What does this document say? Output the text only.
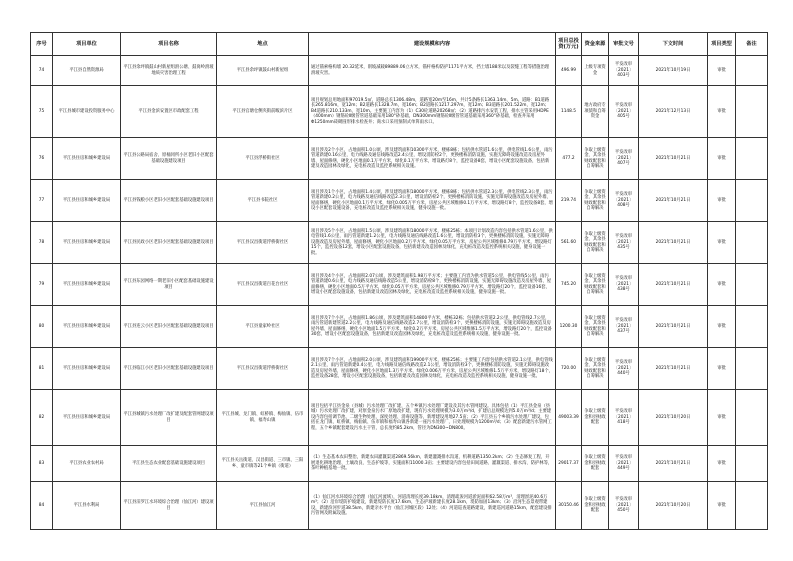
序号	项目单位	项目名称	地点	建设规模和内容	项目总投资(万元)	资金来源	审批文号	下文时间	项目类型	备注
74	平江县自然资源局	平江县余坪镇鼓山村新屋组滑公塘、鼓岗岭滑坡地质灾害治理工程	平江县余坪镇鼓山村新屋组	通过锚索格构墙 20.32延米，削坡减载89889.06立方米，锚杆格构防护1171平方米，挡土墙188米以及裂缝工程等措施治理滑坡灾害。	496.99	上级专项资金	平发改审〔2021〕403号	2021年10月19日	审批	
75	平江县城市建设投资服务中心	平江县金滨安置区市政配套工程	平江县官塘仓侧夹街前畈滨片区	项目规划总用地面积97019.5㎡，道路总长1306.48m，道路宽20m至16m，共计5条路长1363.14m、5m。道路：B1道路长265.816m，宽12m；B2道路长1328.7m，宽16m；B2道路长1217.297m，宽12m；B3道路长201.522m，宽12m；B4道路长210.133m，宽10m。主要施工内容为（1）C30砼道路20268㎡；（2）道路排污水安装工程，排水主管采用HDPE（400mm）钢筋砼Ⅱ级管管道基础采用180°砂基础，DN300mm钢筋砼Ⅱ级管管道基础采用360°砂基础，检查井采用Φ1250mm砖砌圆形排水检查井；商水口采用预制式单箅雨水口。	1148.5	地方政府专项债和自筹资金	平发改审〔2021〕405号	2021年12月13日	审批	
76	平江县住房和城乡建设局	平江县公路局宿舍、原桶冈所小区老旧小区配套基础设施建设项目	平江县浮桥街社区	项目涉及2个小区，占地面积1.0公顷，涉及建筑面积10300平方米，楼栋8栋；包括供水管道1.6公里，供电管线1.6公里，雨污管道新建0.16公里，电力线路及通信线路改造2.4公里，增设消防栓2个，更换楼栋消防设施，实施无障碍设施改造及房屋外墙、屋面修缮，硬化小区地面0.1万平方米，绿化0.1万平方米，增设路灯8个，监控设备8套，增设小区配套设施设备，包括新建及改造园林及绿化，充电桩改造及监控系统相关设施。	477.2	争取上级资金、其余县财政配套和自筹解决	平发改审〔2021〕407号	2021年10月21日	审批	
77	平江县住房和城乡建设局	平江县钱粮小区老旧小区配套基础设施建设项目	平江县书院社区	项目涉及1个小区，占地面积1.4公顷，涉及建筑面积18000平方米，楼栋8栋；包括供水管道2.3公里，供电管线2.3公里，雨污管道新建0.2公里，电力线路及通信线路改造2.3公里，增设消防栓2个，更换楼栋消防设施，实施无障碍设施改造及房屋外墙、屋面修缮，硬化小区地面0.1万平方米，绿化0.005万平方米，房屋公共区域维修0.1万平方米，增设路灯8个，监控设备8套，增设小区配套设施设备，充电桩改造及监控系统相关设施，健身设施一批。	219.74	争取上级资金、其余县财政配套和自筹解决	平发改审〔2021〕408号	2021年10月21日	审批	
78	平江县住房和城乡建设局	平江县民政小区老旧小区配套基础设施建设项目	平江县汉昌街道浮桥街社区	项目涉及5个小区，占地面积1.5公顷，涉及建筑面积18000平方米，楼栋25栋；本项目计划改造内容包括供水管道1.6公里，供电管线1.6公里，雨污管道新建1.2公里，电力线路及通信线路改造1.6公里，增设消防栓3个，更换楼栋消防设施，实施无障碍设施改造及房屋外墙、屋面修缮，硬化小区地面0.2万平方米，绿化0.05万平方米，房屋公共区域维修0.79万平方米，增设路灯15个，监控设备12套，增设小区配套设施设备，包括新建及改造园林及绿化，充电桩改造及监控系统相关设施，健身设施一批。	561.60	争取上级资金、其余县财政配套和自筹解决	平发改审〔2021〕435号	2021年10月21日	审批	
79	平江县住房和城乡建设局	平江县东园网络一期老旧小区配套基础设施建设项目	平江县汉昌街道百花台社区	项目涉及4个小区，占地面积2.07公顷，涉及建筑面积1.98万平方米；主要施工内容为供水管道5公里，供电管线5公里，雨污管道新建0.6公里，电力线路及通信线路改造5公里，增设消防栓8个，更换楼栋消防设施，实施无障碍设施改造及房屋外墙、屋面修缮，硬化小区地面0.5万平方米，绿化0.05万平方米，房屋公共区域维修0.79万平方米，增设路灯20个，监控设备16套，增设小区配套设施设备，包括新建及改造园林及绿化，充电桩改造及监控系统相关设施，健身设施一批。	745.20	争取上级资金、其余县财政配套和自筹解决	平发改审〔2021〕438号	2021年10月21日	审批	
80	平江县住房和城乡建设局	平江县连云小区老旧小区配套基础设施建设项目	平江县童家岭社区	项目涉及7个小区，占地面积1.86公顷，涉及建筑面积14800平方米，楼栋32栋；包括供水管道2.2公里，供电管线2.7公里，雨污管道新建管道2.2公里，电力线路及通信线路改造2.7公里，增设消防栓3个，更换楼栋消防设施，实施无障碍设施改造及房屋外墙、屋面修缮，硬化小区地面1.5万平方米，绿化0.2万平方米，房屋公共区域维修1.5万平方米，增设路灯20个，监控设备30套，增设小区配套设施设备，包括新建及改造园林及绿化，充电桩改造及监控系统相关设施，健身设施一批。	1200.30	争取上级资金、其余县财政配套和自筹解决	平发改审〔2021〕437号	2021年10月21日	审批	
81	平江县住房和城乡建设局	平江县临江小区老旧小区配套基础设施建设项目	平江县汉昌街道浮桥街社区	项目涉及7个小区，占地面积2.0公顷，涉及建筑面积19900平方米，楼栋25栋；主要施工内容包括供水管道2.1公里，供电管线2.1公里，雨污管道新建0.4公里，电力线路及通信线路改造2.1公里，增设消防栓3个，更换楼栋消防设施，实施无障碍设施改造及房屋外墙、屋面修缮，硬化小区地面1.3万平方米，绿化0.006万平方米，房屋公共区域维修1.5万平方米，增设路灯18个，监控设备28套，增设小区配套设施设备，包括新建及改造园林及绿化，充电桩改造及监控系统相关设施，健身设施一批。	720.00	争取上级资金、其余县财政配套和自筹解决	平发改审〔2021〕440号	2021年10月21日	审批	
82	平江县住房和城乡建设局	平江县城镇污水处理厂改扩建及配套管网建设项目	平江县城、龙门镇、虹桥镇、梅仙镇、伍市镇、福寿山镇	项目包括平江县金泉（县城）污水处理厂改扩建，五个乡镇污水处理厂建设及其污水管网建设。具体包括（1）平江县金泉（县城）污水处理厂改扩建，对原金泉污水厂原地改扩建，现有污水处理规模为3.0万m³/d，扩建后总规模达到5.0万m³/d；主要建设内容包括调节池、二级生物处理、深度处理、消毒设施等，新增建设用地27.5亩；（2）平江县五个乡镇污水处理厂建设，包括在龙门镇、虹桥镇、梅仙镇、伍市镇和福寿山镇各新建一座污水处理厂，日处理规模为1200m³/d；（3）配套新建污水管网工程，五个乡镇配套建设污水主干管，总长度约85.2km，管径为DN300~DN800。	49003.39	争取上级资金和县财政配套	平发改审〔2021〕418号	2021年10月20日	审批	
83	平江县农业农村局	平江县生态农业配套基础设施建设项目	平江县关岳街道、汉昌街道、三市镇、三阳乡、童市镇等21个乡镇（街道）	（1）生态基本农田整治，新建农田灌溉渠道2869.56km，新建灌溉排水沟道、机耕道路1350.2km；（2）生态修复工程，开展退化耕地治理、土壤改良、生态护坡等，实施面积11000.3亩；主要建设内容包括田间道路、灌溉渠道、排水沟、防护林等，茶叶种植基地一批。	29017.37	争取上级资金和县财政配套	平发改审〔2021〕449号	2021年10月21日	审批	
84	平江县水利局	平江县汨罗江水环境综合治理（仙江河）建设项目	平江县仙江河	（1）仙江河水环境综合治理（仙江河流域），河道清理长度39.18km，清理疏浚河道淤泥面积62.58万m³，清理淤泥40.6万m³；（2）沿岸堤防护坡建设，新建堤防长度17.6km，生态护坡新建长度28.1km，堤防加固13km；（3）沿河生态景观带建设，新建滨河步道38.5km，新建亲水平台（仙江河城区段）12处；（4）河道巡查道路建设，新建巡河道路15km，配套建设排污管网及附属设施。	30150.46	争取上级资金和县财政配套	平发改审〔2021〕450号	2021年10月20日	审批	
